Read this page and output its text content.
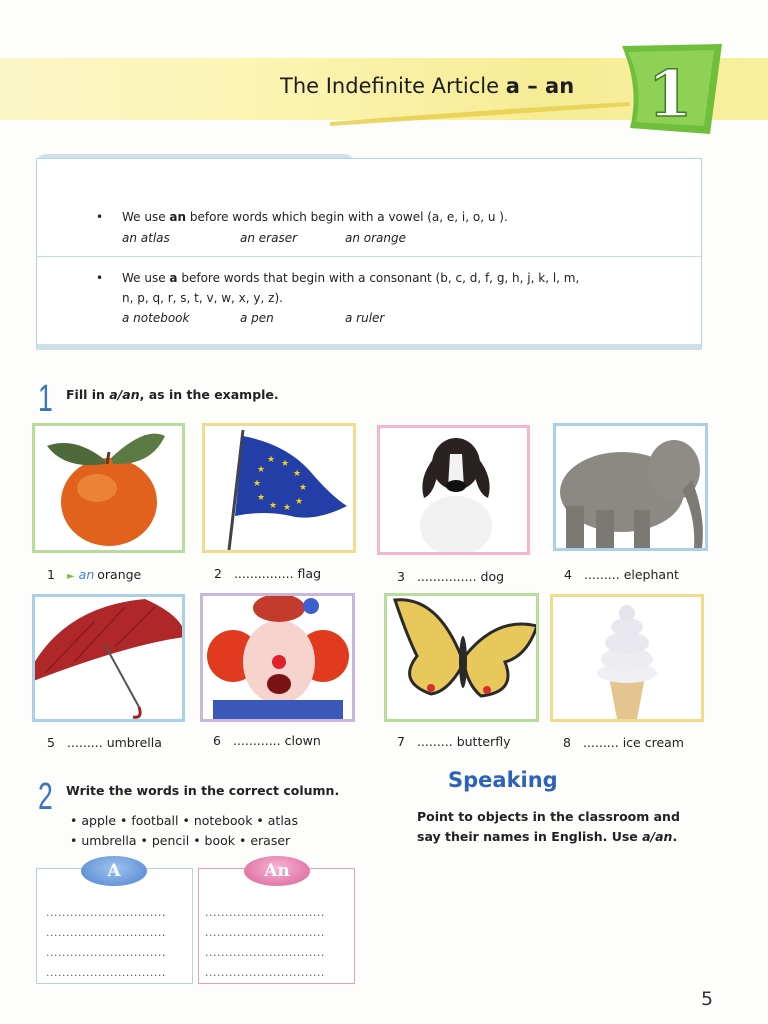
The Indefinite Article a – an 1
• We use an before words which begin with a vowel (a, e, i, o, u ).
an atlas	an eraser	an orange
• We use a before words that begin with a consonant (b, c, d, f, g, h, j, k, l, m,
n, p, q, r, s, t, v, w, x, y, z).
a notebook	a pen	a ruler
1 Fill in a/an, as in the example.
★ ★
★
★
★
★
★
★
★
★
1 ► an orange	2 ............... flag	3 ............... dog	4 ......... elephant
5 ......... umbrella	6 ............ clown	7 ......... butterfly	8 ......... ice cream
2 Write the words in the correct column.
• apple • football • notebook • atlas
• umbrella • pencil • book • eraser
A
..............................
..............................
..............................
..............................
An
..............................
..............................
..............................
..............................
Speaking
Point to objects in the classroom and say their names in English. Use a/an.
5
